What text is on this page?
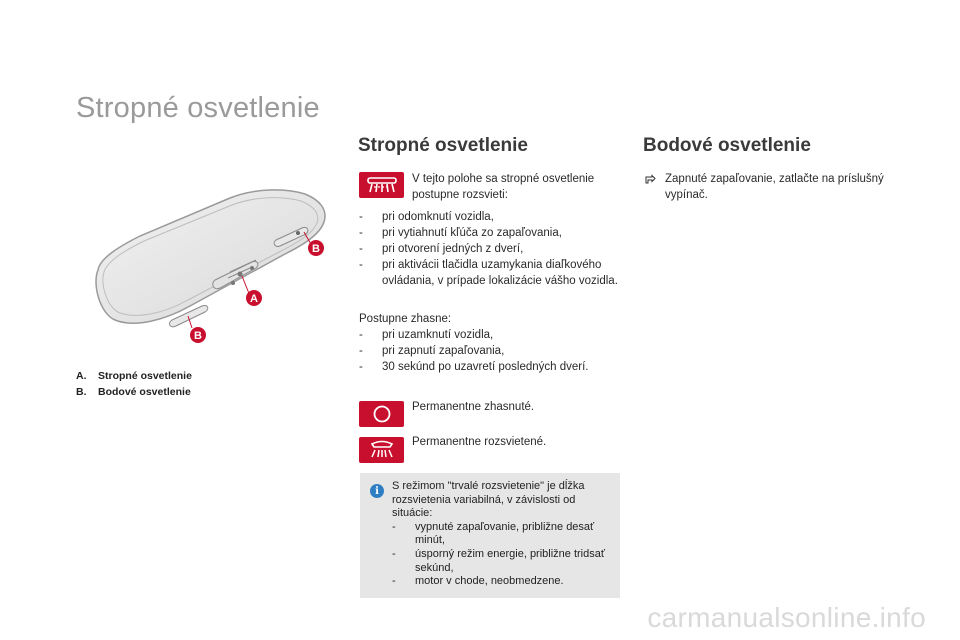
Stropné osvetlenie
B
A
B
A. Stropné osvetlenie
B. Bodové osvetlenie
Stropné osvetlenie
V tejto polohe sa stropné osvetlenie postupne rozsvieti:
- pri odomknutí vozidla,
- pri vytiahnutí kľúča zo zapaľovania,
- pri otvorení jedných z dverí,
- pri aktivácii tlačidla uzamykania diaľkového ovládania, v prípade lokalizácie vášho vozidla.
Postupne zhasne:
- pri uzamknutí vozidla,
- pri zapnutí zapaľovania,
- 30 sekúnd po uzavretí posledných dverí.
Permanentne zhasnuté.
Permanentne rozsvietené.
i	S režimom "trvalé rozsvietenie" je dĺžka rozsvietenia variabilná, v závislosti od situácie:
- vypnuté zapaľovanie, približne desať minút,
- úsporný režim energie, približne tridsať sekúnd,
- motor v chode, neobmedzene.
Bodové osvetlenie
Zapnuté zapaľovanie, zatlačte na príslušný vypínač.
carmanualsonline.info
